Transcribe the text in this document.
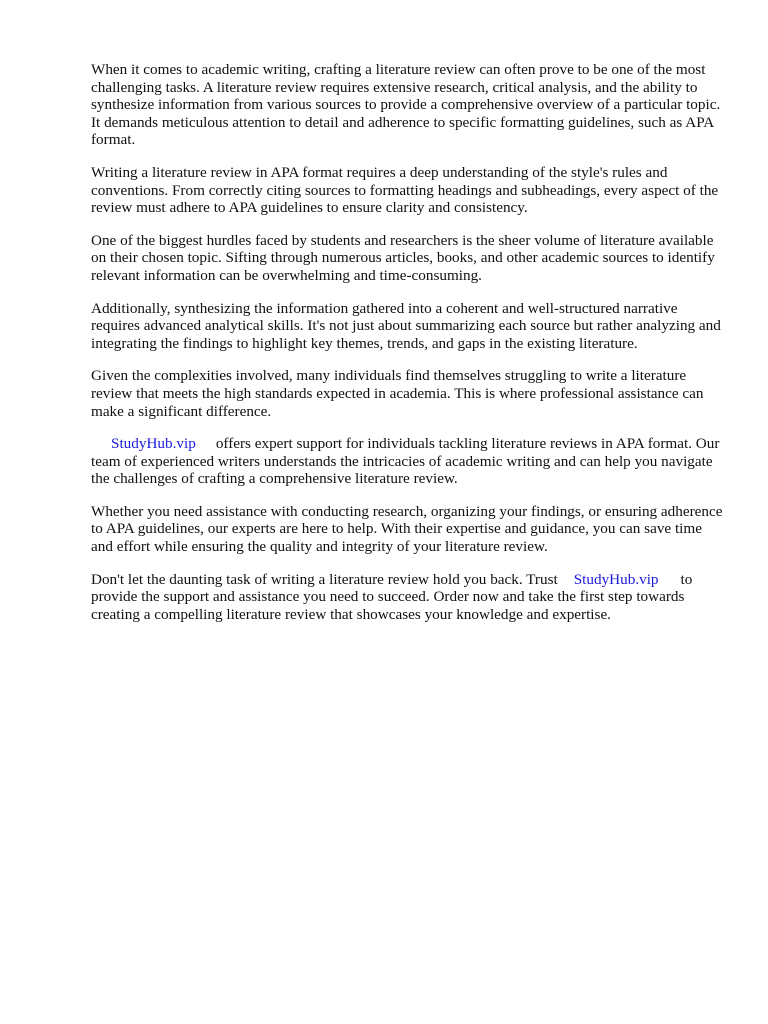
When it comes to academic writing, crafting a literature review can often prove to be one of the most challenging tasks. A literature review requires extensive research, critical analysis, and the ability to synthesize information from various sources to provide a comprehensive overview of a particular topic. It demands meticulous attention to detail and adherence to specific formatting guidelines, such as APA format.

Writing a literature review in APA format requires a deep understanding of the style's rules and conventions. From correctly citing sources to formatting headings and subheadings, every aspect of the review must adhere to APA guidelines to ensure clarity and consistency.

One of the biggest hurdles faced by students and researchers is the sheer volume of literature available on their chosen topic. Sifting through numerous articles, books, and other academic sources to identify relevant information can be overwhelming and time-consuming.

Additionally, synthesizing the information gathered into a coherent and well-structured narrative requires advanced analytical skills. It's not just about summarizing each source but rather analyzing and integrating the findings to highlight key themes, trends, and gaps in the existing literature.

Given the complexities involved, many individuals find themselves struggling to write a literature review that meets the high standards expected in academia. This is where professional assistance can make a significant difference.

StudyHub.vip offers expert support for individuals tackling literature reviews in APA format. Our team of experienced writers understands the intricacies of academic writing and can help you navigate the challenges of crafting a comprehensive literature review.

Whether you need assistance with conducting research, organizing your findings, or ensuring adherence to APA guidelines, our experts are here to help. With their expertise and guidance, you can save time and effort while ensuring the quality and integrity of your literature review.

Don't let the daunting task of writing a literature review hold you back. Trust StudyHub.vip to provide the support and assistance you need to succeed. Order now and take the first step towards creating a compelling literature review that showcases your knowledge and expertise.
